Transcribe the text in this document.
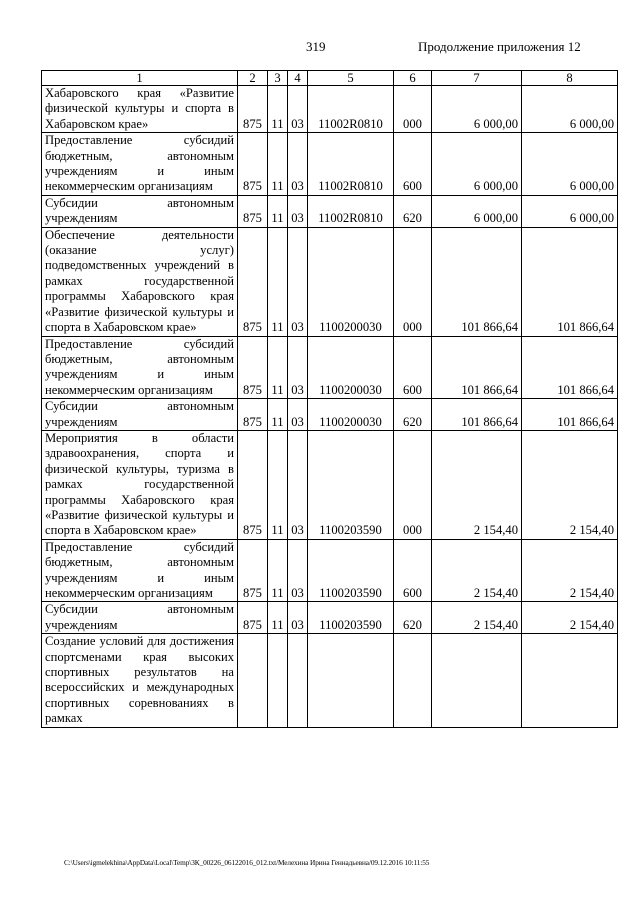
319	Продолжение приложения 12
1	2	3	4	5	6	7	8
Хабаровского края «Развитие физической культуры и спорта в Хабаровском крае»	875	11	03	11002R0810	000	6 000,00	6 000,00
Предоставление субсидий бюджетным, автономным учреждениям и иным некоммерческим организациям	875	11	03	11002R0810	600	6 000,00	6 000,00
Субсидии автономным учреждениям	875	11	03	11002R0810	620	6 000,00	6 000,00
Обеспечение деятельности (оказание услуг) подведомственных учреждений в рамках государственной программы Хабаровского края «Развитие физической культуры и спорта в Хабаровском крае»	875	11	03	1100200030	000	101 866,64	101 866,64
Предоставление субсидий бюджетным, автономным учреждениям и иным некоммерческим организациям	875	11	03	1100200030	600	101 866,64	101 866,64
Субсидии автономным учреждениям	875	11	03	1100200030	620	101 866,64	101 866,64
Мероприятия в области здравоохранения, спорта и физической культуры, туризма в рамках государственной программы Хабаровского края «Развитие физической культуры и спорта в Хабаровском крае»	875	11	03	1100203590	000	2 154,40	2 154,40
Предоставление субсидий бюджетным, автономным учреждениям и иным некоммерческим организациям	875	11	03	1100203590	600	2 154,40	2 154,40
Субсидии автономным учреждениям	875	11	03	1100203590	620	2 154,40	2 154,40
Создание условий для достижения спортсменами края высоких спортивных результатов на всероссийских и международных спортивных соревнованиях в рамках							
C:\Users\igmelekhina\AppData\Local\Temp\3К_00226_06122016_012.txt/Мелехина Ирина Геннадьевна/09.12.2016 10:11:55
